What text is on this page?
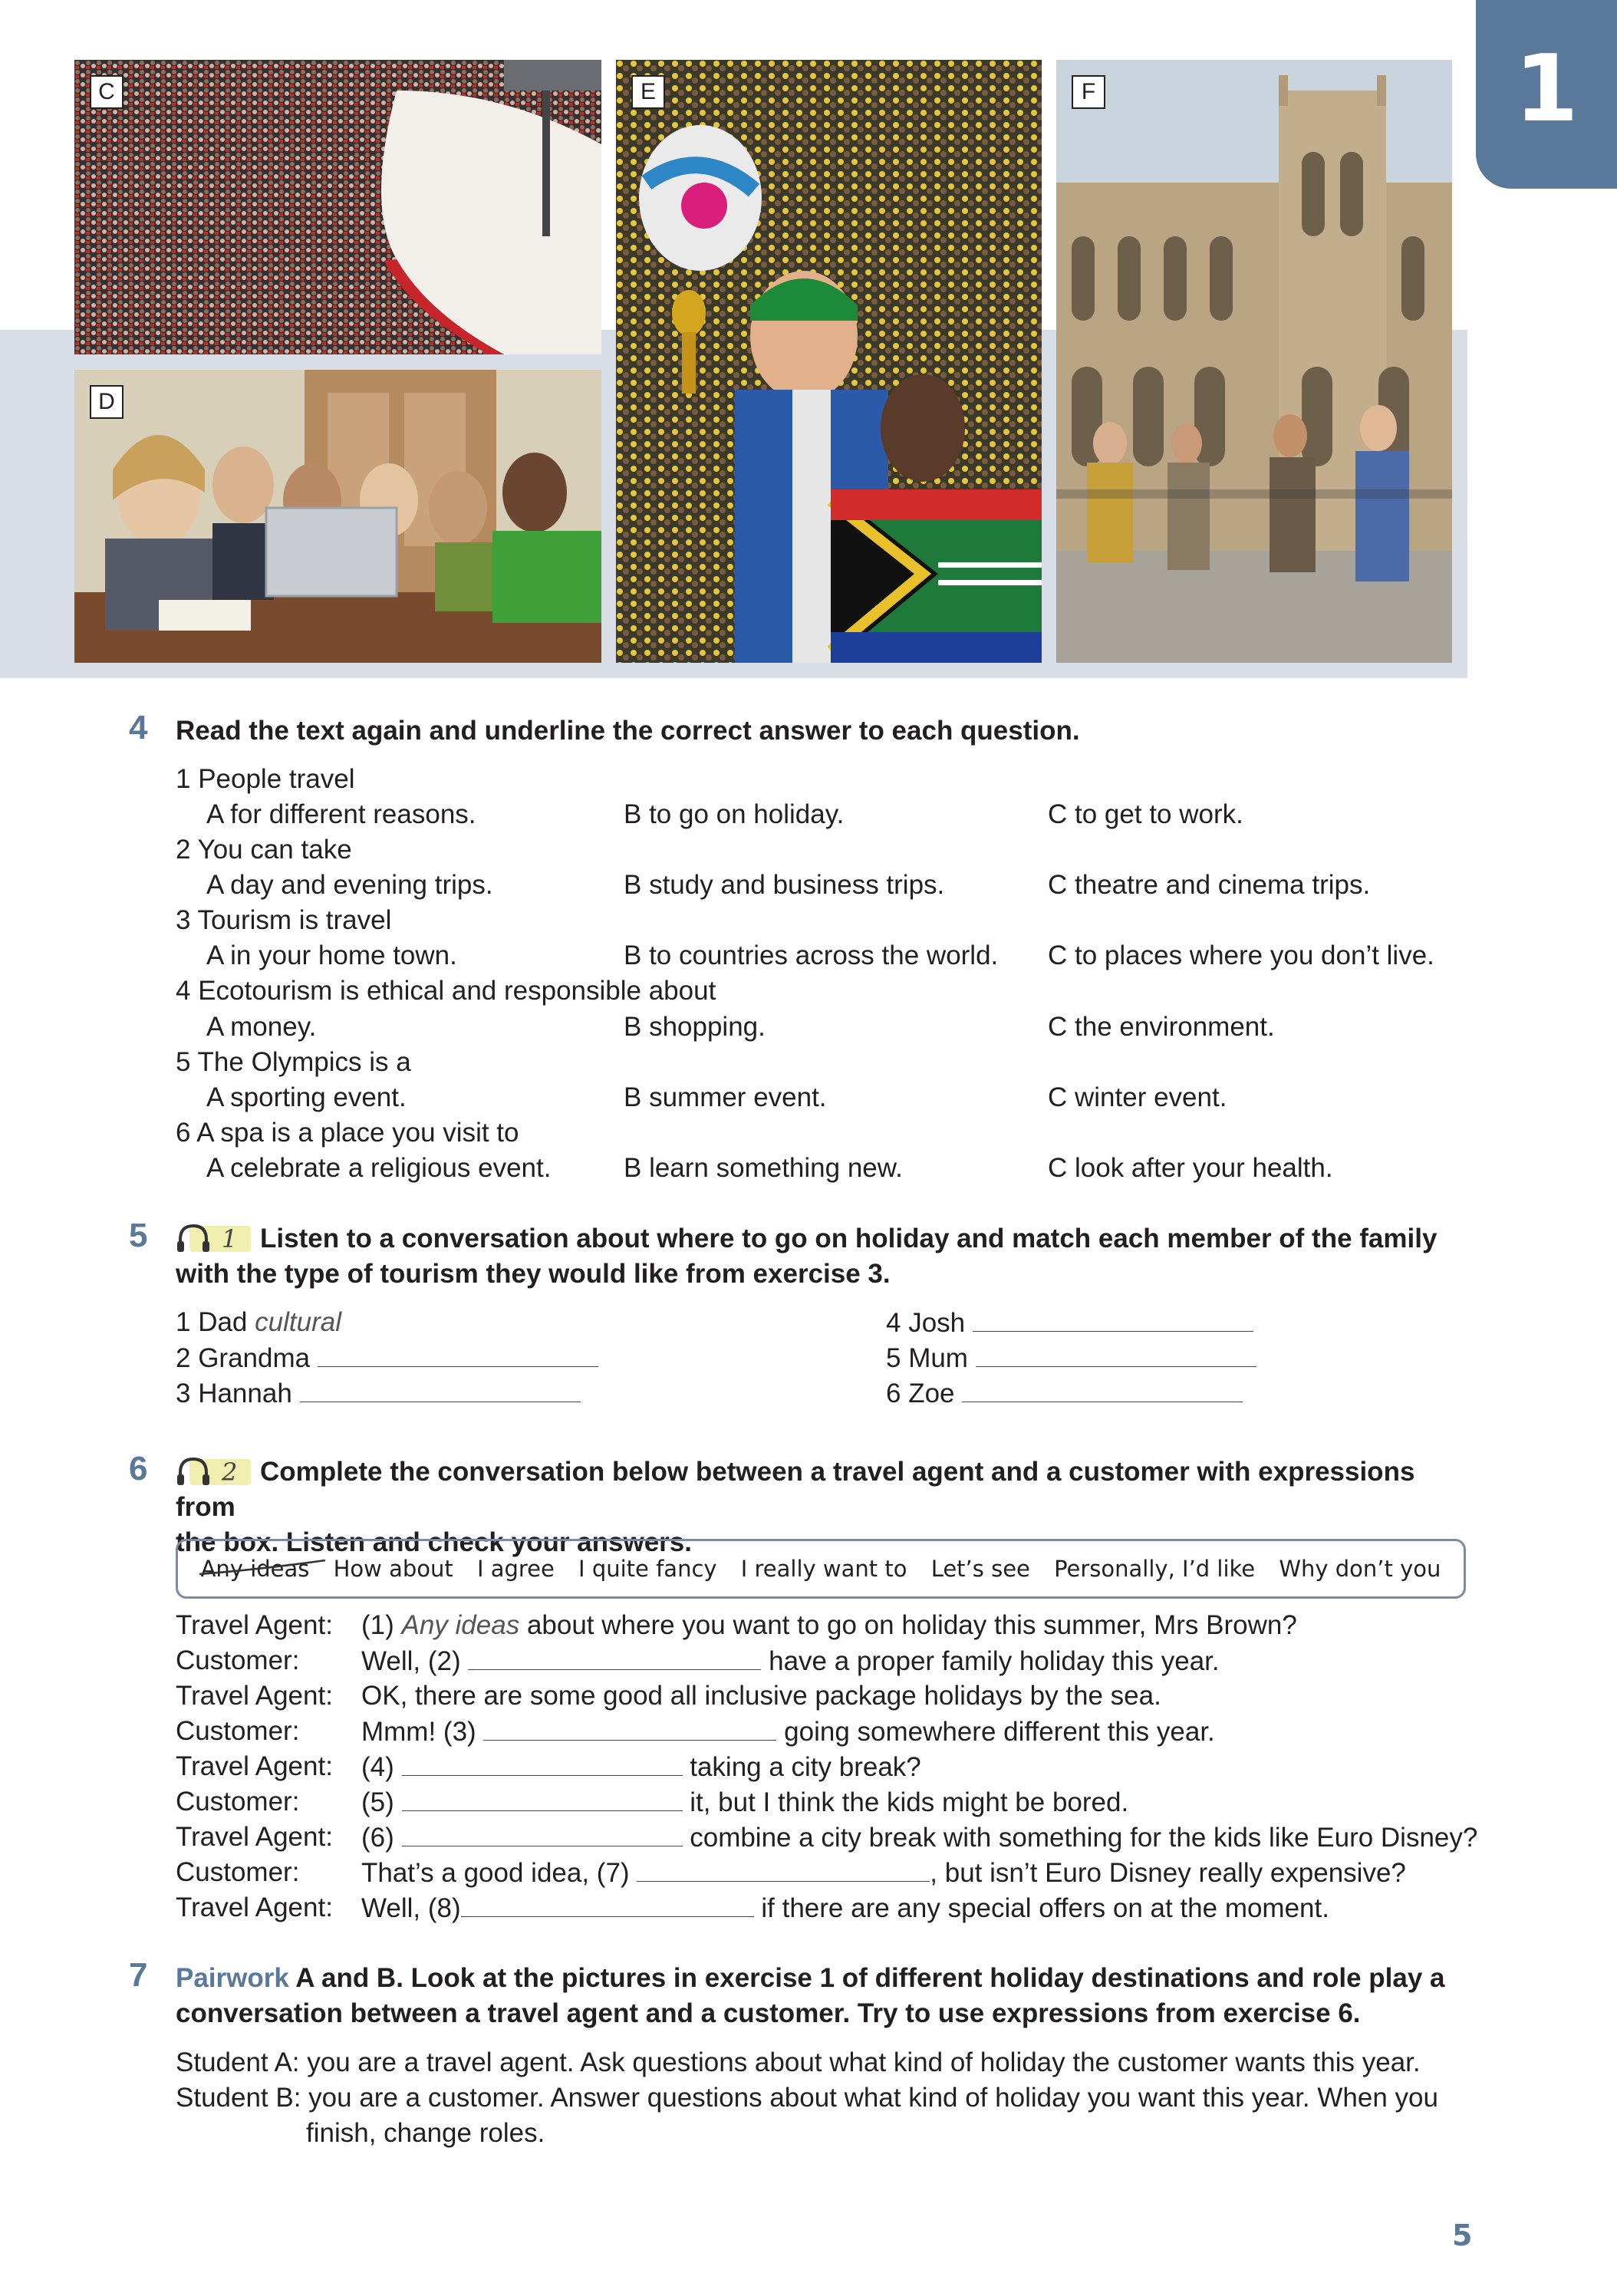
1
C
D
E	F
4 Read the text again and underline the correct answer to each question.
1 People travel
A for different reasons.	B to go on holiday.	C to get to work.
2 You can take
A day and evening trips.	B study and business trips.	C theatre and cinema trips.
3 Tourism is travel
A in your home town.	B to countries across the world. C to places where you don’t live.
4 Ecotourism is ethical and responsible about
A money.	B shopping.	C the environment.
5 The Olympics is a
A sporting event.	B summer event.	C winter event.
6 A spa is a place you visit to
A celebrate a religious event.	B learn something new.	C look after your health.
5	1 Listen to a conversation about where to go on holiday and match each member of the family
with the type of tourism they would like from exercise 3.
1 Dad cultural
2 Grandma
3 Hannah
4 Josh
5 Mum
6 Zoe
6	2 Complete the conversation below between a travel agent and a customer with expressions from
the box. Listen and check your answers.
Any ideas How about I agree I quite fancy I really want to Let’s see Personally, I’d like Why don’t you
Travel Agent: (1) Any ideas about where you want to go on holiday this summer, Mrs Brown?
Customer: Well, (2)	have a proper family holiday this year.
Travel Agent: OK, there are some good all inclusive package holidays by the sea.
Customer: Mmm! (3)	going somewhere different this year.
Travel Agent: (4)	taking a city break?
Customer: (5)	it, but I think the kids might be bored.
Travel Agent: (6)	combine a city break with something for the kids like Euro Disney?
Customer: That’s a good idea, (7)	, but isn’t Euro Disney really expensive?
Travel Agent: Well, (8)	if there are any special offers on at the moment.
7 Pairwork A and B. Look at the pictures in exercise 1 of different holiday destinations and role play a
conversation between a travel agent and a customer. Try to use expressions from exercise 6.
Student A: you are a travel agent. Ask questions about what kind of holiday the customer wants this year.
Student B: you are a customer. Answer questions about what kind of holiday you want this year. When you
finish, change roles.
5
